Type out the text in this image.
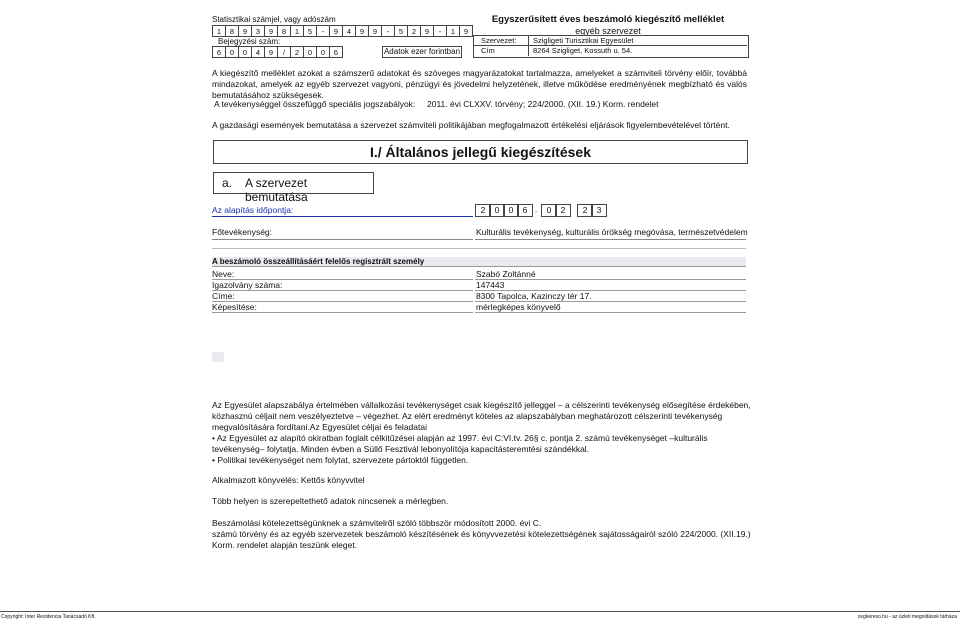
Statisztikai számjel, vagy adószám
1	8	9	3	9	8	1	5	-	9	4	9	9	-	5	2	9	-	1	9
Bejegyzési szám:
6	0	0	4	9	/	2	0	0	6	Adatok ezer forintban
Egyszerűsített éves beszámoló kiegészítő melléklet
egyéb szervezet
Szervezet: Szigligeti Turisztikai Egyesület
Cím	8264 Szigliget, Kossuth u. 54.
A kiegészítő melléklet azokat a számszerű adatokat és szöveges magyarázatokat tartalmazza, amelyeket a számviteli törvény előír, továbbá mindazokat, amelyek az egyéb szervezet vagyoni, pénzügyi és jövedelmi helyzetének, illetve működése eredményének megbízható és valós bemutatásához szükségesek.
A tevékenységgel összefüggő speciális jogszabályok: 2011. évi CLXXV. törvény; 224/2000. (XII. 19.) Korm. rendelet
A gazdasági események bemutatása a szervezet számviteli politikájában megfogalmazott értékelési eljárások figyelembevételével történt.
I./ Általános jellegű kiegészítések
a. A szervezet bemutatása
Az alapítás időpontja:	2	0	0	6 .	0	2	2	3
Főtevékenység:	Kulturális tevékenység, kulturális örökség megóvása, természetvédelem
A beszámoló összeállításáért felelős regisztrált személy
Neve:	Szabó Zoltánné
Igazolvány száma:	147443
Címe:	8300 Tapolca, Kazinczy tér 17.
Képesítése:	mérlegképes könyvelő
Az Egyesület alapszabálya értelmében vállalkozási tevékenységet csak kiegészítő jelleggel – a célszerinti tevékenység elősegítése érdekében, közhasznú céljait nem veszélyeztetve – végezhet. Az elért eredményt köteles az alapszabályban meghatározott célszerinti tevékenység megvalósítására fordítani.Az Egyesület céljai és feladatai
• Az Egyesület az alapító okiratban foglalt célkitűzései alapján az 1997. évi C:VI.tv. 26§ c. pontja 2. számú tevékenységet –kulturális tevékenység– folytatja. Minden évben a Süllő Fesztivál lebonyolítója kapacitásteremtési szándékkal.
• Politikai tevékenységet nem folytat, szervezete pártoktól független.
Alkalmazott könyvelés: Kettős könyvvitel
Több helyen is szerepeltethető adatok nincsenek a mérlegben.
Beszámolási kötelezettségünknek a számvitelről szóló többször módosított 2000. évi C.
számú törvény és az egyéb szervezetek beszámoló készítésének és könyvvezetési kötelezettségének sajátosságairól szóló 224/2000. (XII.19.) Korm. rendelet alapján teszünk eleget.
Copyright: Inter Rezidencia Tanácsadó Kft.	cegkereso.hu - az üzleti megoldások tárháza
